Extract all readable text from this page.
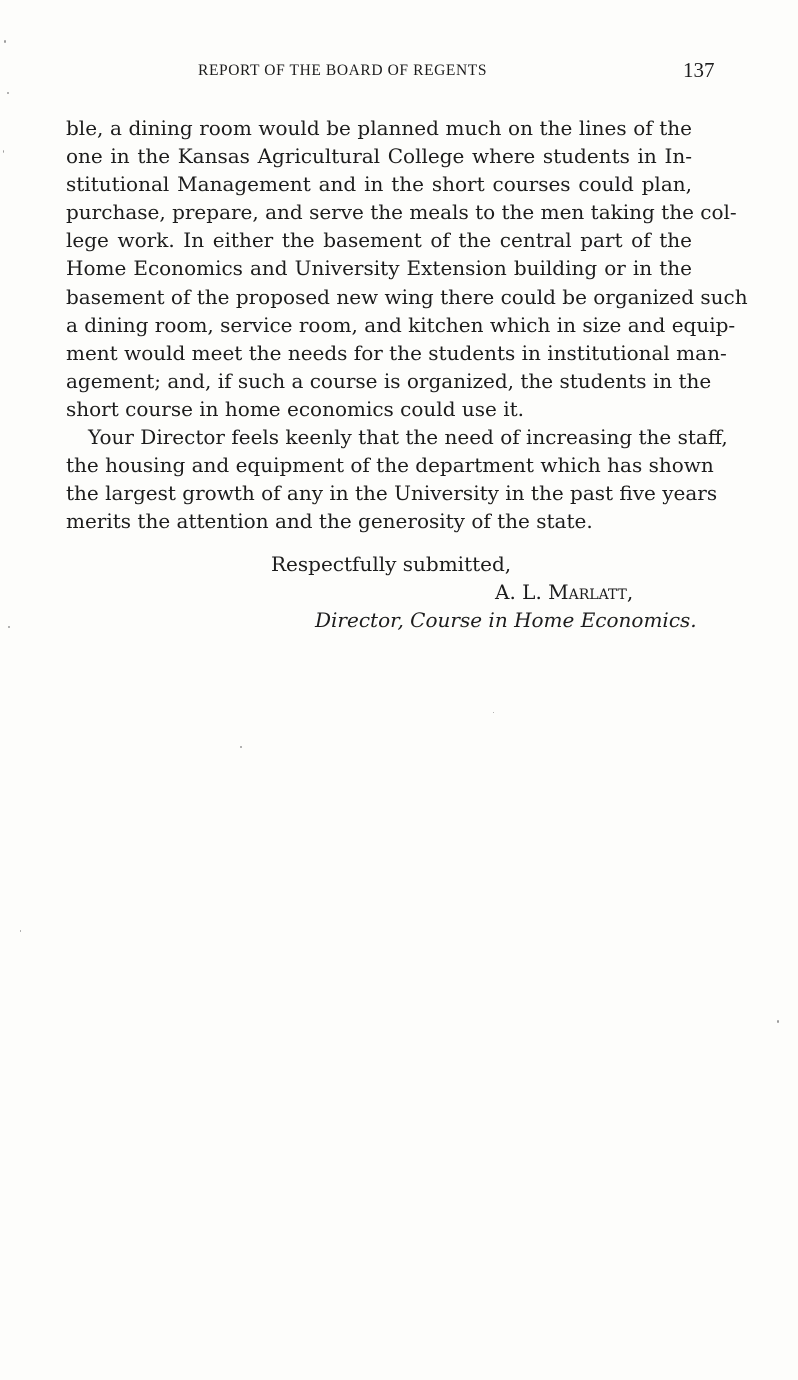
REPORT OF THE BOARD OF REGENTS	137
ble, a dining room would be planned much on the lines of the
one in the Kansas Agricultural College where students in In-
stitutional Management and in the short courses could plan,
purchase, prepare, and serve the meals to the men taking the col-
lege work. In either the basement of the central part of the
Home Economics and University Extension building or in the
basement of the proposed new wing there could be organized such
a dining room, service room, and kitchen which in size and equip-
ment would meet the needs for the students in institutional man-
agement; and, if such a course is organized, the students in the
short course in home economics could use it.
Your Director feels keenly that the need of increasing the staff,
the housing and equipment of the department which has shown
the largest growth of any in the University in the past five years
merits the attention and the generosity of the state.
Respectfully submitted,
A. L. Marlatt,
Director, Course in Home Economics.
